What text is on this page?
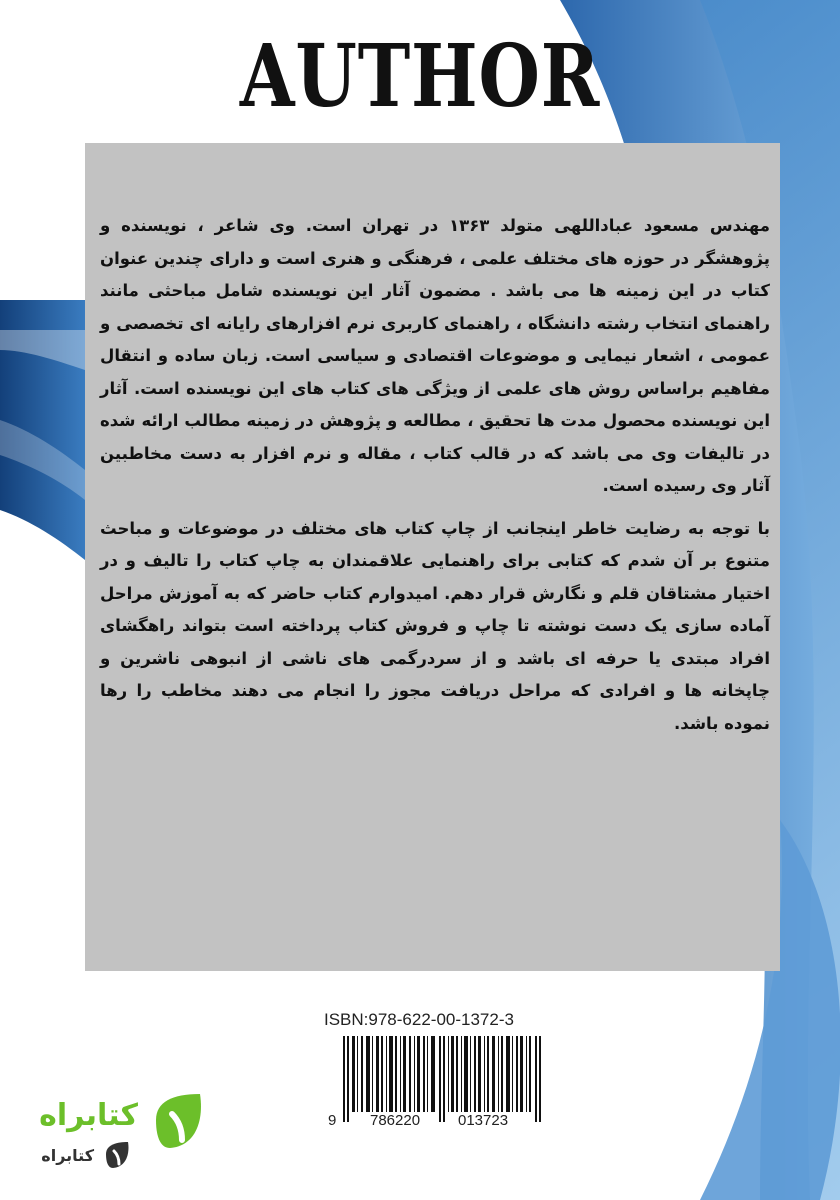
AUTHOR

مهندس مسعود عباداللهی متولد ۱۳۶۳ در تهران است. وی شاعر ، نویسنده و پژوهشگر در حوزه های مختلف علمی ، فرهنگی و هنری است و دارای چندین عنوان کتاب در این زمینه ها می باشد . مضمون آثار این نویسنده شامل مباحثی مانند راهنمای انتخاب رشته دانشگاه ، راهنمای کاربری نرم افزارهای رایانه ای تخصصی و عمومی ، اشعار نیمایی و موضوعات اقتصادی و سیاسی است. زبان ساده و انتقال مفاهیم براساس روش های علمی از ویژگی های کتاب های این نویسنده است. آثار این نویسنده محصول مدت ها تحقیق ، مطالعه و پژوهش در زمینه مطالب ارائه شده در تالیفات وی می باشد که در قالب کتاب ، مقاله و نرم افزار به دست مخاطبین آثار وی رسیده است.

با توجه به رضایت خاطر اینجانب از چاپ کتاب های مختلف در موضوعات و مباحث متنوع بر آن شدم که کتابی برای راهنمایی علاقمندان به چاپ کتاب را تالیف و در اختیار مشتاقان قلم و نگارش قرار دهم. امیدوارم کتاب حاضر که به آموزش مراحل آماده سازی یک دست نوشته تا چاپ و فروش کتاب پرداخته است بتواند راهگشای افراد مبتدی یا حرفه ای باشد و از سردرگمی های ناشی از انبوهی ناشرین و چاپخانه ها و افرادی که مراحل دریافت مجوز را انجام می دهند مخاطب را رها نموده باشد.

ISBN:978-622-00-1372-3
9 786220	013723
کتابراه
کتابراه
